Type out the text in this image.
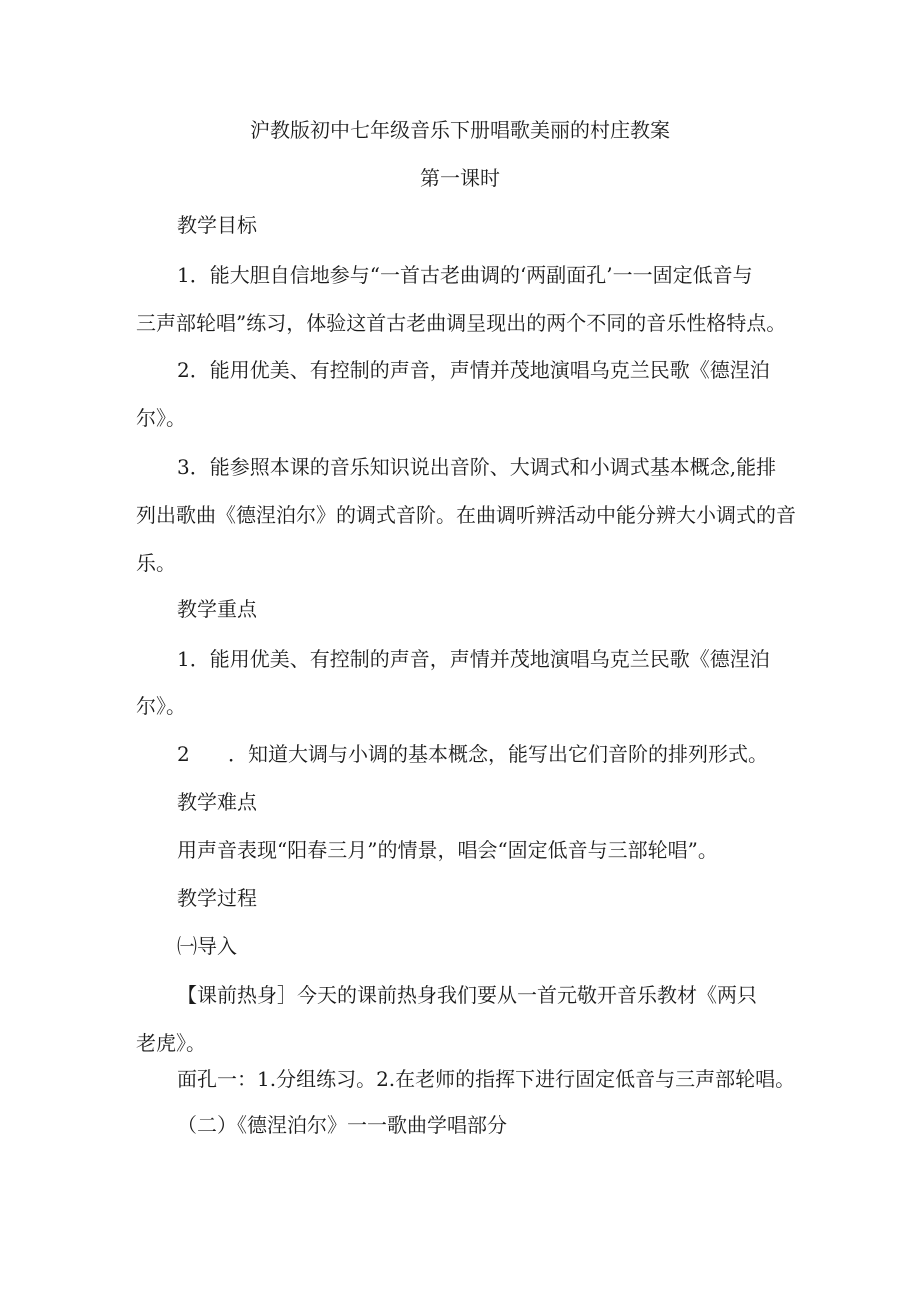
沪教版初中七年级音乐下册唱歌美丽的村庄教案

第一课时

教学目标

1．能大胆自信地参与“一首古老曲调的‘两副面孔’一一固定低音与

三声部轮唱”练习，体验这首古老曲调呈现出的两个不同的音乐性格特点。

2．能用优美、有控制的声音，声情并茂地演唱乌克兰民歌《德涅泊

尔》。

3．能参照本课的音乐知识说出音阶、大调式和小调式基本概念,能排

列出歌曲《德涅泊尔》的调式音阶。在曲调听辨活动中能分辨大小调式的音

乐。

教学重点

1．能用优美、有控制的声音，声情并茂地演唱乌克兰民歌《德涅泊

尔》。

2 ．知道大调与小调的基本概念，能写出它们音阶的排列形式。

教学难点

用声音表现“阳春三月”的情景，唱会“固定低音与三部轮唱”。

教学过程

㈠导入

【课前热身］今天的课前热身我们要从一首元敬开音乐教材《两只

老虎》。

面孔一：1.分组练习。2.在老师的指挥下进行固定低音与三声部轮唱。

（二）《德涅泊尔》一一歌曲学唱部分
